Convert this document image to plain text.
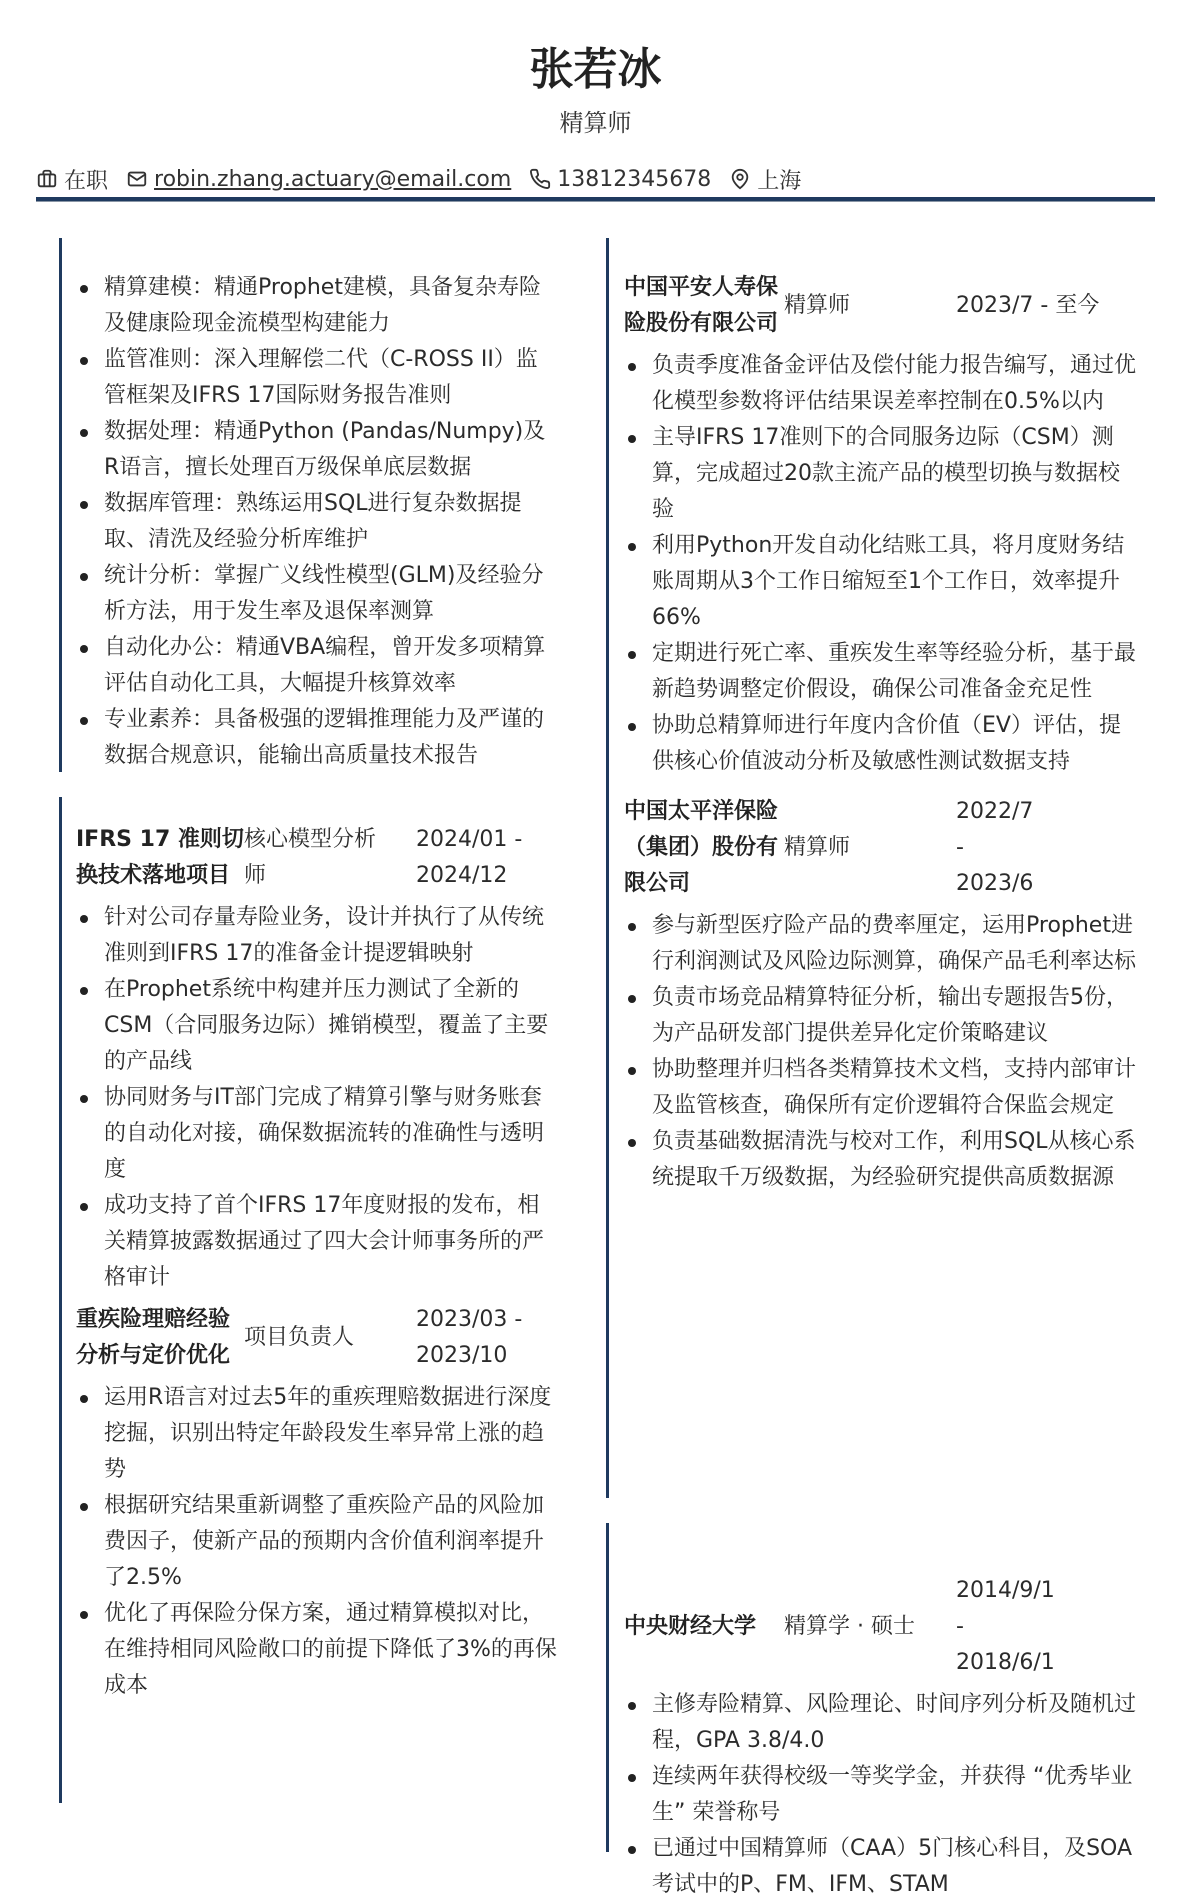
张若冰
精算师
在职 robin.zhang.actuary@email.com 13812345678 上海
精算建模：精通Prophet建模，具备复杂寿险及健康险现金流模型构建能力
监管准则：深入理解偿二代（C-ROSS II）监管框架及IFRS 17国际财务报告准则
数据处理：精通Python (Pandas/Numpy)及R语言，擅长处理百万级保单底层数据
数据库管理：熟练运用SQL进行复杂数据提取、清洗及经验分析库维护
统计分析：掌握广义线性模型(GLM)及经验分析方法，用于发生率及退保率测算
自动化办公：精通VBA编程，曾开发多项精算评估自动化工具，大幅提升核算效率
专业素养：具备极强的逻辑推理能力及严谨的数据合规意识，能输出高质量技术报告
IFRS 17 准则切换技术落地项目
核心模型分析师
2024/01 - 2024/12
针对公司存量寿险业务，设计并执行了从传统准则到IFRS 17的准备金计提逻辑映射
在Prophet系统中构建并压力测试了全新的CSM（合同服务边际）摊销模型，覆盖了主要的产品线
协同财务与IT部门完成了精算引擎与财务账套的自动化对接，确保数据流转的准确性与透明度
成功支持了首个IFRS 17年度财报的发布，相关精算披露数据通过了四大会计师事务所的严格审计
重疾险理赔经验分析与定价优化
项目负责人
2023/03 - 2023/10
运用R语言对过去5年的重疾理赔数据进行深度挖掘，识别出特定年龄段发生率异常上涨的趋势
根据研究结果重新调整了重疾险产品的风险加费因子，使新产品的预期内含价值利润率提升了2.5%
优化了再保险分保方案，通过精算模拟对比，在维持相同风险敞口的前提下降低了3%的再保成本
中国平安人寿保险股份有限公司
精算师	2023/7 - 至今
负责季度准备金评估及偿付能力报告编写，通过优化模型参数将评估结果误差率控制在0.5%以内
主导IFRS 17准则下的合同服务边际（CSM）测算，完成超过20款主流产品的模型切换与数据校验
利用Python开发自动化结账工具，将月度财务结账周期从3个工作日缩短至1个工作日，效率提升66%
定期进行死亡率、重疾发生率等经验分析，基于最新趋势调整定价假设，确保公司准备金充足性
协助总精算师进行年度内含价值（EV）评估，提供核心价值波动分析及敏感性测试数据支持
中国太平洋保险（集团）股份有限公司
精算师
2022/7 - 2023/6
参与新型医疗险产品的费率厘定，运用Prophet进行利润测试及风险边际测算，确保产品毛利率达标
负责市场竞品精算特征分析，输出专题报告5份，为产品研发部门提供差异化定价策略建议
协助整理并归档各类精算技术文档，支持内部审计及监管核查，确保所有定价逻辑符合保监会规定
负责基础数据清洗与校对工作，利用SQL从核心系统提取千万级数据，为经验研究提供高质数据源
中央财经大学	精算学 · 硕士
2014/9/1 - 2018/6/1
主修寿险精算、风险理论、时间序列分析及随机过程，GPA 3.8/4.0
连续两年获得校级一等奖学金，并获得 “优秀毕业生” 荣誉称号
已通过中国精算师（CAA）5门核心科目，及SOA考试中的P、FM、IFM、STAM
